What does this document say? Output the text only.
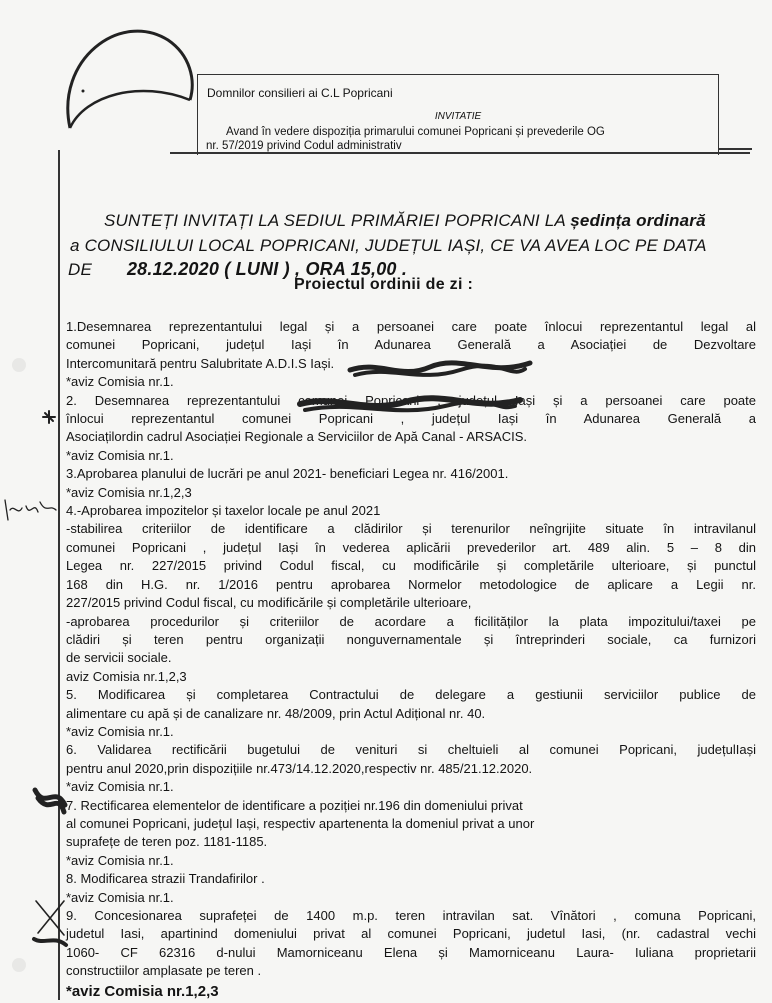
Domnilor consilieri ai C.L Popricani
INVITATIE
Avand în vedere dispoziția primarului comunei Popricani și prevederile OG
nr. 57/2019 privind Codul administrativ
SUNTEȚI INVITAȚI LA SEDIUL PRIMĂRIEI POPRICANI LA ședința ordinară
a CONSILIULUI LOCAL POPRICANI, JUDEȚUL IAȘI, CE VA AVEA LOC PE DATA
DE 28.12.2020 ( LUNI ) , ORA 15,00 .
Proiectul ordinii de zi :
1.Desemnarea reprezentantului legal și a persoanei care poate înlocui reprezentantul legal al
comunei Popricani, județul Iași în Adunarea Generală a Asociației de Dezvoltare
Intercomunitară pentru Salubritate A.D.I.S Iași.
*aviz Comisia nr.1.
2. Desemnarea reprezentantului comunei Popricani , județul Iași și a persoanei care poate
înlocui reprezentantul comunei Popricani , județul Iași în Adunarea Generală a
Asociațilordin cadrul Asociației Regionale a Serviciilor de Apă Canal - ARSACIS.
*aviz Comisia nr.1.
3.Aprobarea planului de lucrări pe anul 2021- beneficiari Legea nr. 416/2001.
*aviz Comisia nr.1,2,3
4.-Aprobarea impozitelor și taxelor locale pe anul 2021
-stabilirea criteriilor de identificare a clădirilor și terenurilor neîngrijite situate în intravilanul
comunei Popricani , județul Iași în vederea aplicării prevederilor art. 489 alin. 5 – 8 din
Legea nr. 227/2015 privind Codul fiscal, cu modificările și completările ulterioare, și punctul
168 din H.G. nr. 1/2016 pentru aprobarea Normelor metodologice de aplicare a Legii nr.
227/2015 privind Codul fiscal, cu modificările și completările ulterioare,
-aprobarea procedurilor și criteriilor de acordare a ficilităților la plata impozitului/taxei pe
clădiri și teren pentru organizații nonguvernamentale și întreprinderi sociale, ca furnizori
de servicii sociale.
aviz Comisia nr.1,2,3
5. Modificarea și completarea Contractului de delegare a gestiunii serviciilor publice de
alimentare cu apă și de canalizare nr. 48/2009, prin Actul Adițional nr. 40.
*aviz Comisia nr.1.
6. Validarea rectificării bugetului de venituri si cheltuieli al comunei Popricani, județulIași
pentru anul 2020,prin dispozițiile nr.473/14.12.2020,respectiv nr. 485/21.12.2020.
*aviz Comisia nr.1.
7. Rectificarea elementelor de identificare a poziției nr.196 din domeniului privat
al comunei Popricani, județul Iași, respectiv apartenenta la domeniul privat a unor
suprafețe de teren poz. 1181-1185.
*aviz Comisia nr.1.
8. Modificarea strazii Trandafirilor .
*aviz Comisia nr.1.
9. Concesionarea suprafeței de 1400 m.p. teren intravilan sat. Vînători , comuna Popricani,
judetul Iasi, apartinind domeniului privat al comunei Popricani, judetul Iasi, (nr. cadastral vechi
1060- CF 62316 d-nului Mamorniceanu Elena și Mamorniceanu Laura- Iuliana proprietarii
constructiilor amplasate pe teren .
*aviz Comisia nr.1,2,3
